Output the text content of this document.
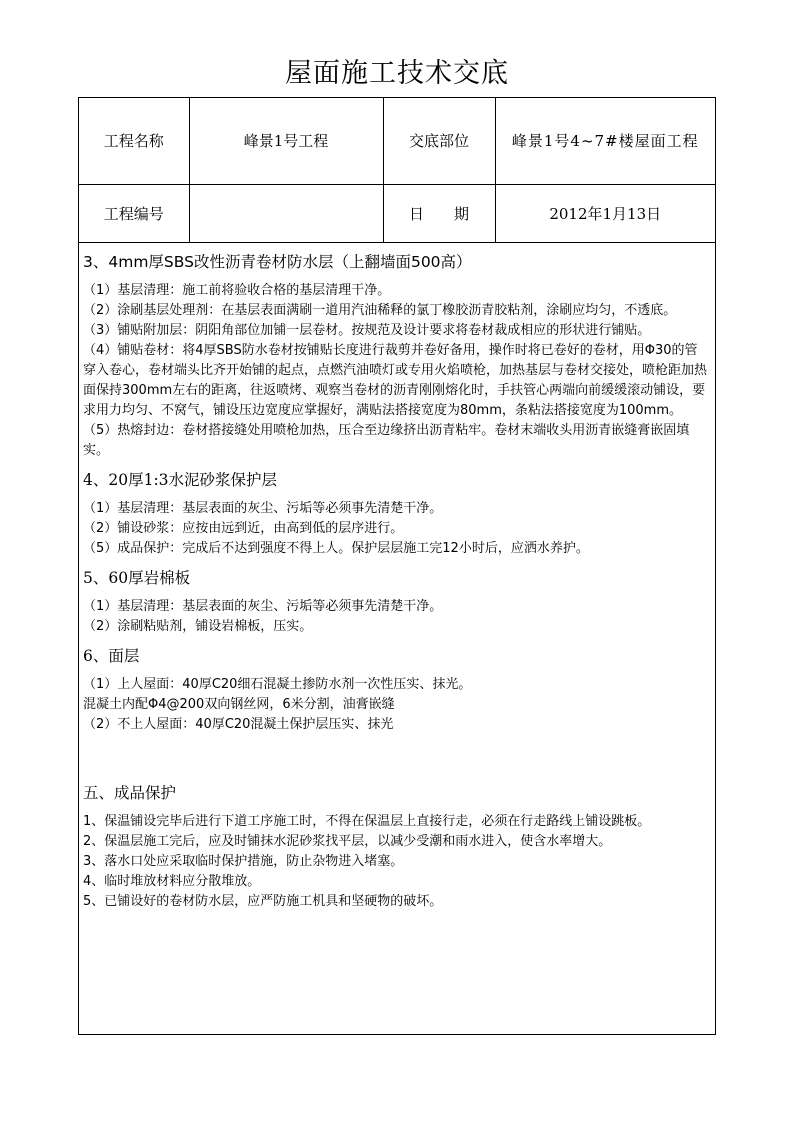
屋面施工技术交底
工程名称	峰景1号工程	交底部位	峰景1号4~7#楼屋面工程
工程编号		日　　期	2012年1月13日

3、4mm厚SBS改性沥青卷材防水层（上翻墙面500高）

（1）基层清理：施工前将验收合格的基层清理干净。

（2）涂刷基层处理剂：在基层表面满刷一道用汽油稀释的氯丁橡胶沥青胶粘剂，涂刷应均匀，不透底。

（3）铺贴附加层：阴阳角部位加铺一层卷材。按规范及设计要求将卷材裁成相应的形状进行铺贴。

（4）铺贴卷材：将4厚SBS防水卷材按铺贴长度进行裁剪并卷好备用，操作时将已卷好的卷材，用Φ30的管穿入卷心，卷材端头比齐开始铺的起点，点燃汽油喷灯或专用火焰喷枪，加热基层与卷材交接处，喷枪距加热面保持300mm左右的距离，往返喷烤、观察当卷材的沥青刚刚熔化时，手扶管心两端向前缓缓滚动铺设，要求用力均匀、不窝气，铺设压边宽度应掌握好，满贴法搭接宽度为80mm，条粘法搭接宽度为100mm。

（5）热熔封边：卷材搭接缝处用喷枪加热，压合至边缘挤出沥青粘牢。卷材末端收头用沥青嵌缝膏嵌固填实。

4、20厚1:3水泥砂浆保护层

（1）基层清理：基层表面的灰尘、污垢等必须事先清楚干净。

（2）铺设砂浆：应按由远到近，由高到低的层序进行。

（5）成品保护：完成后不达到强度不得上人。保护层层施工完12小时后，应洒水养护。

5、60厚岩棉板

（1）基层清理：基层表面的灰尘、污垢等必须事先清楚干净。

（2）涂刷粘贴剂，铺设岩棉板，压实。

6、面层

（1）上人屋面：40厚C20细石混凝土掺防水剂一次性压实、抹光。

混凝土内配Φ4@200双向钢丝网，6米分割，油膏嵌缝

（2）不上人屋面：40厚C20混凝土保护层压实、抹光

五、成品保护

1、保温铺设完毕后进行下道工序施工时，不得在保温层上直接行走，必须在行走路线上铺设跳板。

2、保温层施工完后，应及时铺抹水泥砂浆找平层，以减少受潮和雨水进入，使含水率增大。

3、落水口处应采取临时保护措施，防止杂物进入堵塞。

4、临时堆放材料应分散堆放。

5、已铺设好的卷材防水层，应严防施工机具和坚硬物的破坏。
